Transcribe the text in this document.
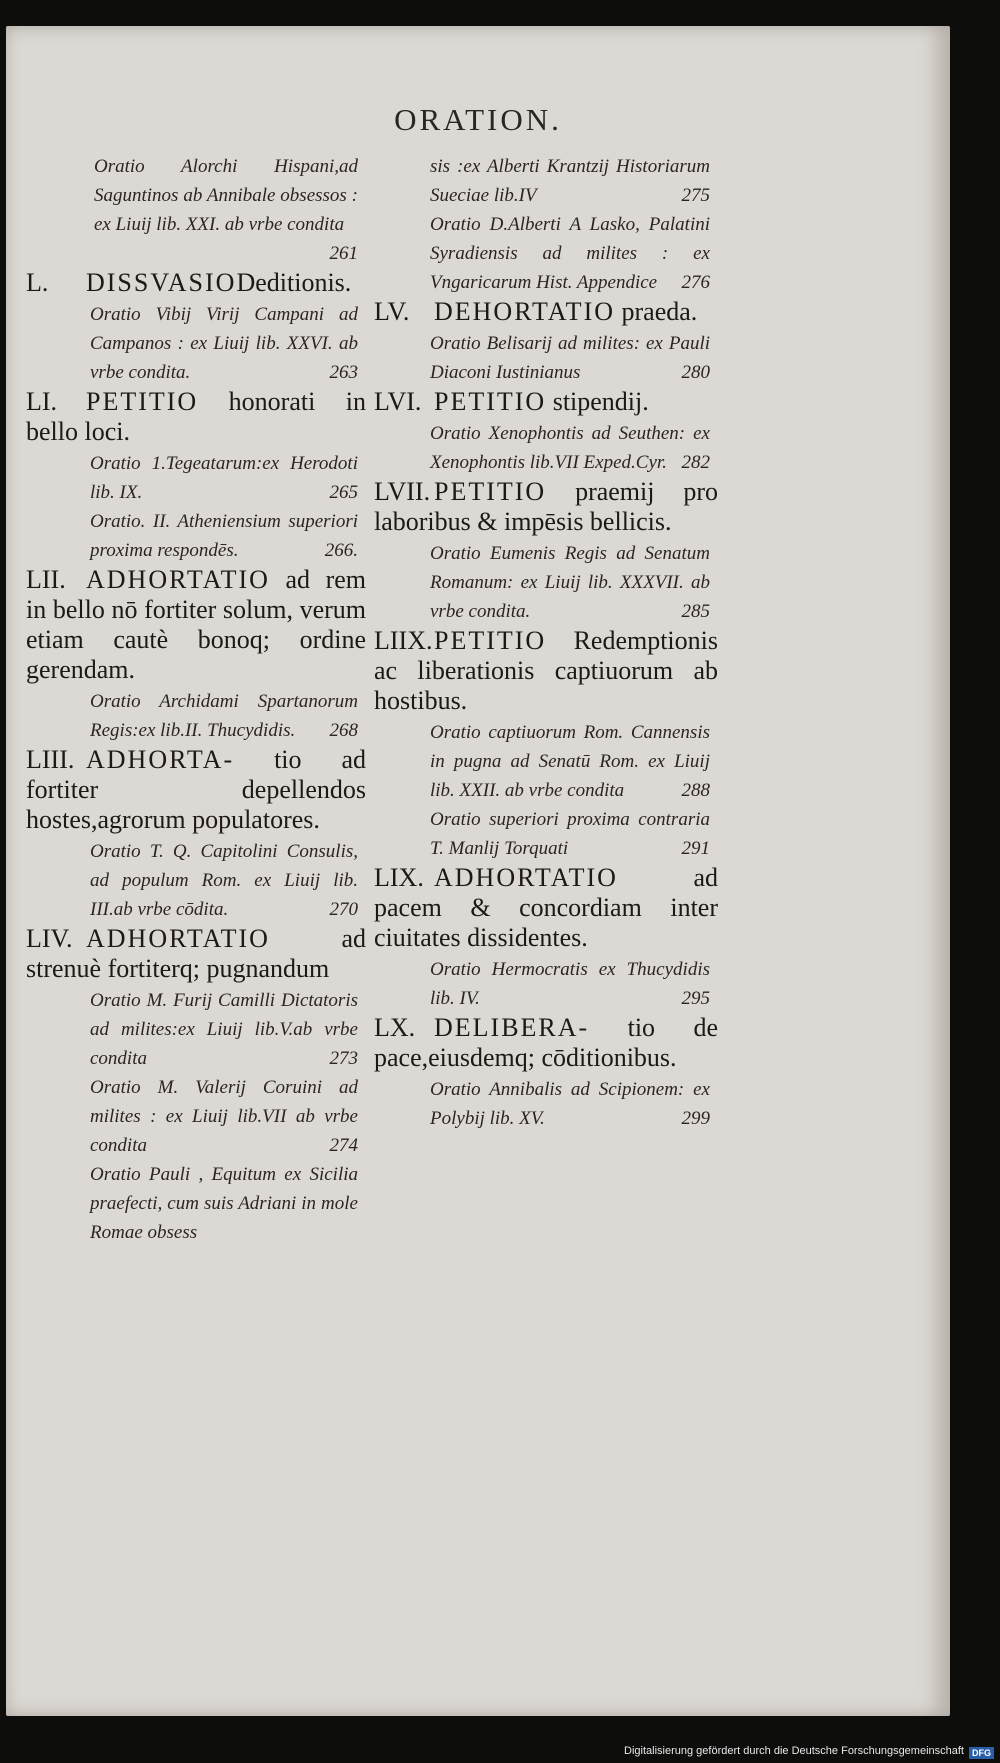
ORATION.
Oratio Alorchi Hispani,ad Saguntinos ab Annibale obsessos : ex Liuij lib. XXI. ab vrbe condita
261
L. DISSVASIODeditionis.
Oratio Vibij Virij Campani ad Campanos : ex Liuij lib. XXVI. ab vrbe condita.	263
LI. PETITIO honorati in bello loci.
Oratio 1.Tegeatarum:ex Herodoti lib. IX.	265
Oratio. II. Atheniensium superiori proxima respondēs.	266.
LII. ADHORTATIO ad rem in bello nō fortiter solum, verum etiam cautè bonoq; ordine gerendam.
Oratio Archidami Spartanorum Regis:ex lib.II. Thucydidis. 268
LIII. ADHORTA- tio ad fortiter depellendos hostes,agrorum populatores.
Oratio T. Q. Capitolini Consulis, ad populum Rom. ex Liuij lib. III.ab vrbe cōdita.	270
LIV. ADHORTATIO	ad strenuè fortiterq; pugnandum
Oratio M. Furij Camilli Dictatoris ad milites:ex Liuij lib.V.ab vrbe condita	273
Oratio M. Valerij Coruini ad milites : ex Liuij lib.VII ab vrbe condita	274
Oratio Pauli , Equitum ex Sicilia praefecti, cum suis Adriani in mole Romae obsess
sis :ex Alberti Krantzij Historiarum Sueciae lib.IV	275
Oratio D.Alberti A Lasko, Palatini Syradiensis ad milites : ex Vngaricarum Hist. Appendice 276
LV. DEHORTATIO praeda.
Oratio Belisarij ad milites: ex Pauli Diaconi Iustinianus	280
LVI. PETITIO stipendij.
Oratio Xenophontis ad Seuthen: ex Xenophontis lib.VII Exped.Cyr. 282
LVII. PETITIO praemij pro laboribus & impēsis bellicis.
Oratio Eumenis Regis ad Senatum Romanum: ex Liuij lib. XXXVII. ab vrbe condita.	285
LIIX.PETITIO Redemptionis ac liberationis captiuorum ab hostibus.
Oratio captiuorum Rom. Cannensis in pugna ad Senatū Rom. ex Liuij lib. XXII. ab vrbe condita	288
Oratio superiori proxima contraria T. Manlij Torquati	291
LIX. ADHORTATIO	ad pacem & concordiam inter ciuitates dissidentes.
Oratio Hermocratis ex Thucydidis lib. IV.	295
LX. DELIBERA- tio de pace,eiusdemq; cōditionibus.
Oratio Annibalis ad Scipionem: ex Polybij lib. XV.	299
Digitalisierung gefördert durch die Deutsche Forschungsgemeinschaft DFG
